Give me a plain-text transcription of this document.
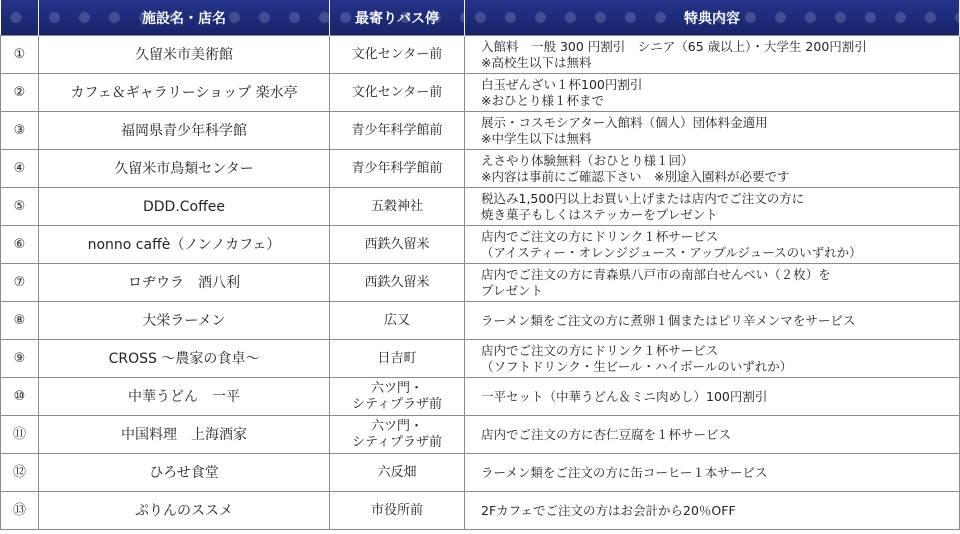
	施設名・店名	最寄りバス停	特典内容
①	久留米市美術館	文化センター前	入館料　一般 300 円割引　シニア（65 歳以上）・大学生 200円割引
※高校生以下は無料

②	カフェ＆ギャラリーショップ 楽水亭	文化センター前	白玉ぜんざい１杯100円割引
※おひとり様１杯まで

③	福岡県青少年科学館	青少年科学館前	展示・コスモシアター入館料（個人）団体料金適用
※中学生以下は無料

④	久留米市鳥類センター	青少年科学館前	えさやり体験無料（おひとり様１回）
※内容は事前にご確認下さい　※別途入園料が必要です

⑤	DDD.Coffee	五穀神社	税込み1,500円以上お買い上げまたは店内でご注文の方に
焼き菓子もしくはステッカーをプレゼント

⑥	nonno caffè（ノンノカフェ）	西鉄久留米	店内でご注文の方にドリンク１杯サービス
（アイスティー・オレンジジュース・アップルジュースのいずれか）

⑦	ロヂウラ　酒八利	西鉄久留米	店内でご注文の方に青森県八戸市の南部白せんべい（２枚）を
プレゼント

⑧	大栄ラーメン	広又	ラーメン類をご注文の方に煮卵１個またはピリ辛メンマをサービス

⑨	CROSS 〜農家の食卓〜	日吉町	店内でご注文の方にドリンク１杯サービス
（ソフトドリンク・生ビール・ハイボールのいずれか）

⑩	中華うどん　一平	六ツ門・
シティプラザ前	一平セット（中華うどん＆ミニ肉めし）100円割引

⑪	中国料理　上海酒家	六ツ門・
シティプラザ前	店内でご注文の方に杏仁豆腐を１杯サービス

⑫	ひろせ食堂	六反畑	ラーメン類をご注文の方に缶コーヒー１本サービス

⑬	ぷりんのススメ	市役所前	2Fカフェでご注文の方はお会計から20％OFF
